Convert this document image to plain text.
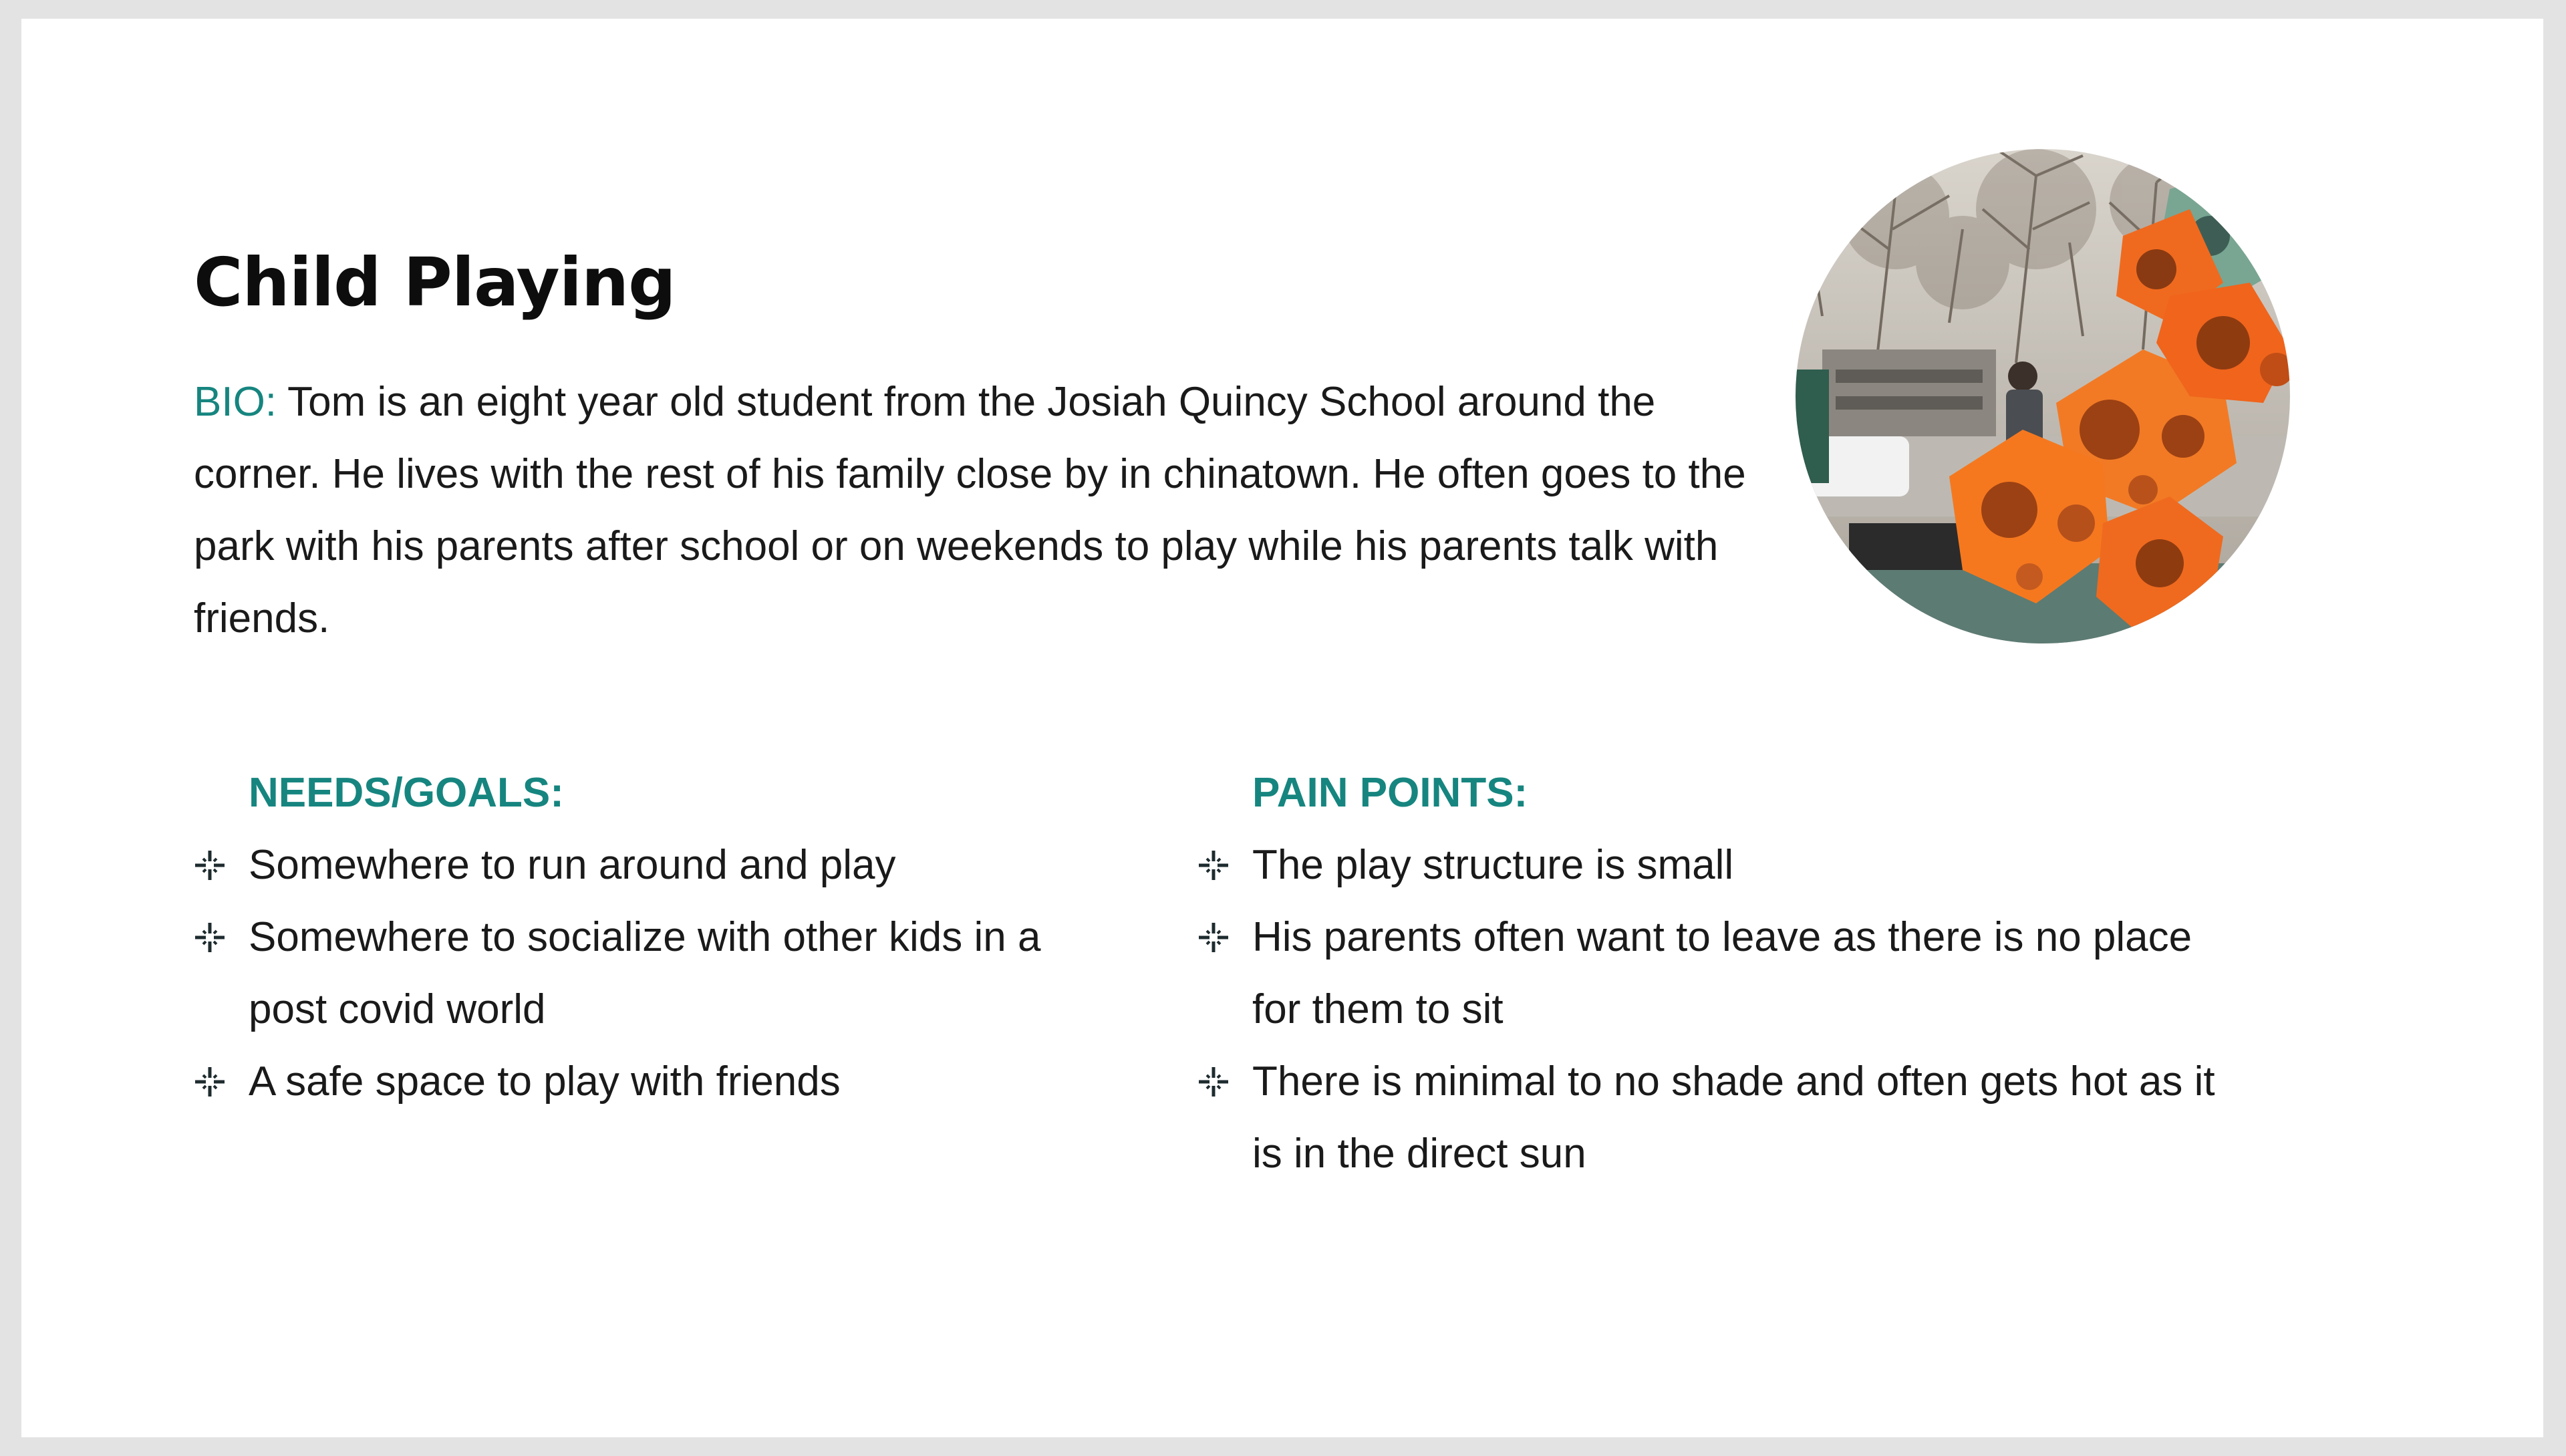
Child Playing

BIO: Tom is an eight year old student from the Josiah Quincy School around the corner. He lives with the rest of his family close by in chinatown. He often goes to the park with his parents after school or on weekends to play while his parents talk with friends.

NEEDS/GOALS:
Somewhere to run around and play
Somewhere to socialize with other kids in a post covid world
A safe space to play with friends
PAIN POINTS:
The play structure is small
His parents often want to leave as there is no place for them to sit
There is minimal to no shade and often gets hot as it is in the direct sun
